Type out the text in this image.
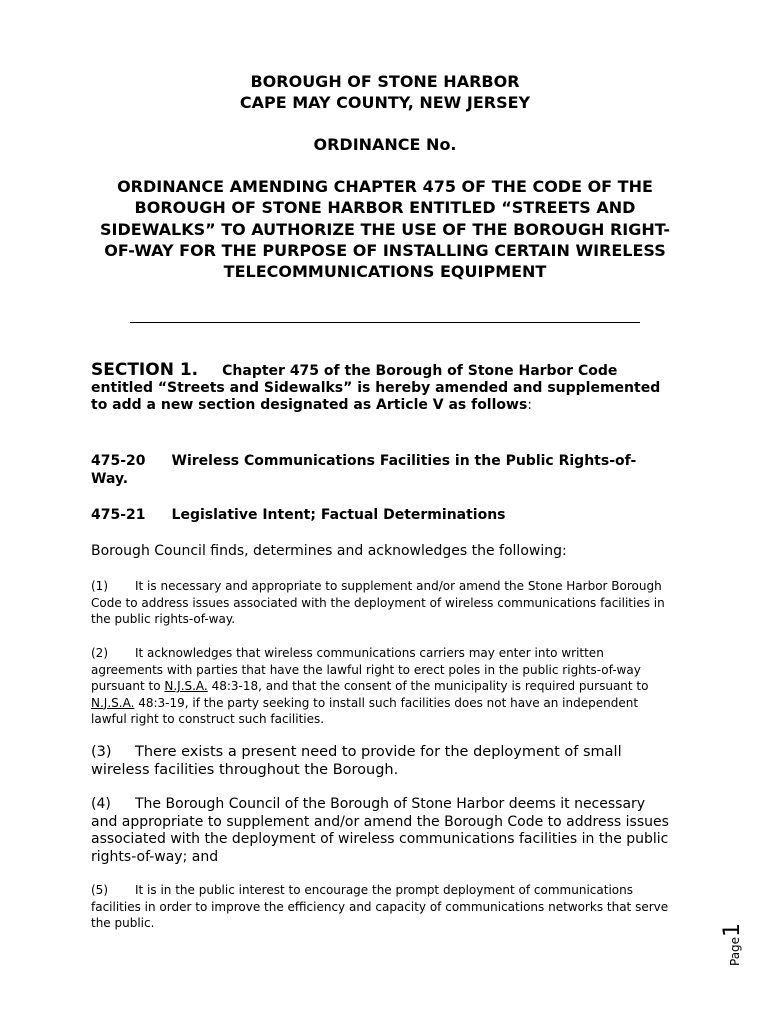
BOROUGH OF STONE HARBOR
CAPE MAY COUNTY, NEW JERSEY
ORDINANCE No.
ORDINANCE AMENDING CHAPTER 475 OF THE CODE OF THE BOROUGH OF STONE HARBOR ENTITLED “STREETS AND SIDEWALKS” TO AUTHORIZE THE USE OF THE BOROUGH RIGHT-OF-WAY FOR THE PURPOSE OF INSTALLING CERTAIN WIRELESS TELECOMMUNICATIONS EQUIPMENT
SECTION 1. Chapter 475 of the Borough of Stone Harbor Code entitled “Streets and Sidewalks” is hereby amended and supplemented to add a new section designated as Article V as follows:
475-20 Wireless Communications Facilities in the Public Rights-of-Way.
475-21 Legislative Intent; Factual Determinations
Borough Council finds, determines and acknowledges the following:
(1) It is necessary and appropriate to supplement and/or amend the Stone Harbor Borough Code to address issues associated with the deployment of wireless communications facilities in the public rights-of-way.
(2) It acknowledges that wireless communications carriers may enter into written agreements with parties that have the lawful right to erect poles in the public rights-of-way pursuant to N.J.S.A. 48:3-18, and that the consent of the municipality is required pursuant to N.J.S.A. 48:3-19, if the party seeking to install such facilities does not have an independent lawful right to construct such facilities.
(3) There exists a present need to provide for the deployment of small wireless facilities throughout the Borough.
(4) The Borough Council of the Borough of Stone Harbor deems it necessary and appropriate to supplement and/or amend the Borough Code to address issues associated with the deployment of wireless communications facilities in the public rights-of-way; and
(5) It is in the public interest to encourage the prompt deployment of communications facilities in order to improve the efficiency and capacity of communications networks that serve the public.
Page1
